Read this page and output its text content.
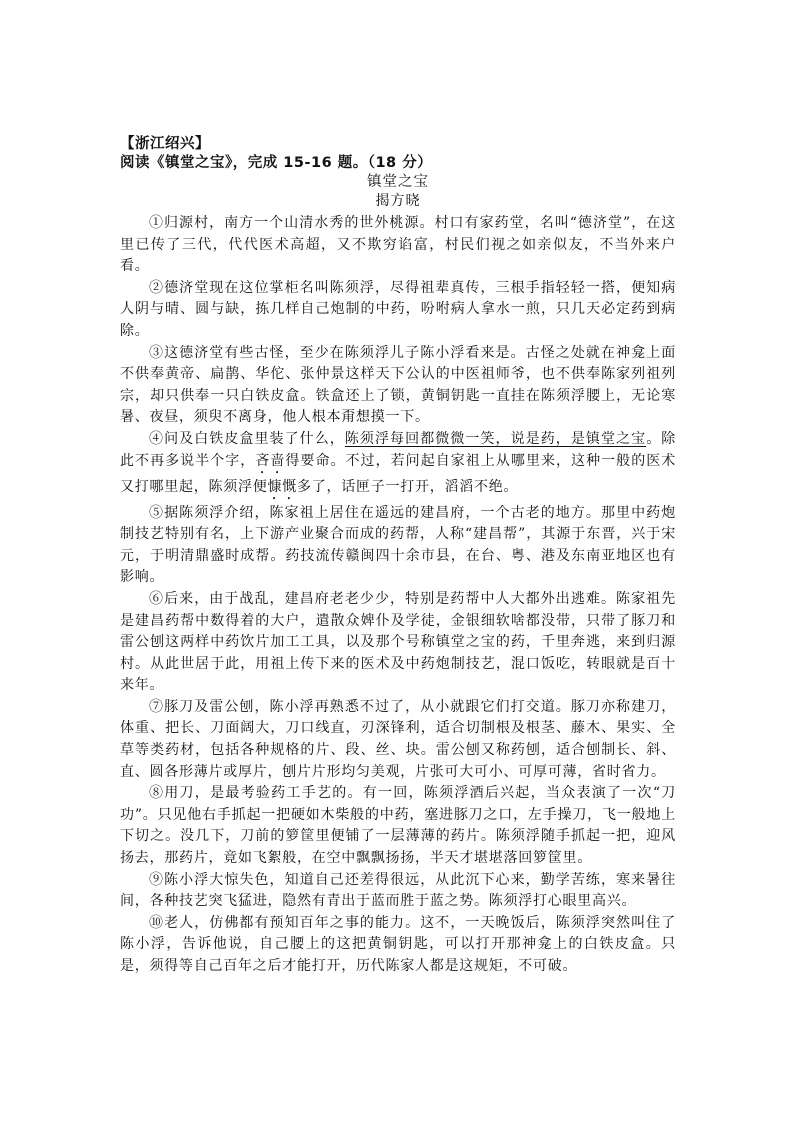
【浙江绍兴】
阅读《镇堂之宝》，完成 15-16 题。（18 分）
镇堂之宝
揭方晓

①归源村，南方一个山清水秀的世外桃源。村口有家药堂，名叫“德济堂”，在这里已传了三代，代代医术高超，又不欺穷谄富，村民们视之如亲似友，不当外来户看。

②德济堂现在这位掌柜名叫陈须浮，尽得祖辈真传，三根手指轻轻一搭，便知病人阴与晴、圆与缺，拣几样自己炮制的中药，吩咐病人拿水一煎，只几天必定药到病除。

③这德济堂有些古怪，至少在陈须浮儿子陈小浮看来是。古怪之处就在神龛上面不供奉黄帝、扁鹊、华佗、张仲景这样天下公认的中医祖师爷，也不供奉陈家列祖列宗，却只供奉一只白铁皮盒。铁盒还上了锁，黄铜钥匙一直挂在陈须浮腰上，无论寒暑、夜昼，须臾不离身，他人根本甭想摸一下。

④问及白铁皮盒里装了什么，陈须浮每回都微微一笑，说是药，是镇堂之宝。除此不再多说半个字，吝啬得要命。不过，若问起自家祖上从哪里来，这种一般的医术又打哪里起，陈须浮便慷慨多了，话匣子一打开，滔滔不绝。

⑤据陈须浮介绍，陈家祖上居住在遥远的建昌府，一个古老的地方。那里中药炮制技艺特别有名，上下游产业聚合而成的药帮，人称“建昌帮”，其源于东晋，兴于宋元，于明清鼎盛时成帮。药技流传赣闽四十余市县，在台、粤、港及东南亚地区也有影响。

⑥后来，由于战乱，建昌府老老少少，特别是药帮中人大都外出逃难。陈家祖先是建昌药帮中数得着的大户，遣散众婢仆及学徒，金银细软啥都没带，只带了豚刀和雷公刨这两样中药饮片加工工具，以及那个号称镇堂之宝的药，千里奔逃，来到归源村。从此世居于此，用祖上传下来的医术及中药炮制技艺，混口饭吃，转眼就是百十来年。

⑦豚刀及雷公刨，陈小浮再熟悉不过了，从小就跟它们打交道。豚刀亦称建刀，体重、把长、刀面阔大，刀口线直，刃深锋利，适合切制根及根茎、藤木、果实、全草等类药材，包括各种规格的片、段、丝、块。雷公刨又称药刨，适合刨制长、斜、直、圆各形薄片或厚片，刨片片形均匀美观，片张可大可小、可厚可薄，省时省力。

⑧用刀，是最考验药工手艺的。有一回，陈须浮酒后兴起，当众表演了一次“刀功”。只见他右手抓起一把硬如木柴般的中药，塞进豚刀之口，左手操刀，飞一般地上下切之。没几下，刀前的箩筐里便铺了一层薄薄的药片。陈须浮随手抓起一把，迎风扬去，那药片，竟如飞絮般，在空中飘飘扬扬，半天才堪堪落回箩筐里。

⑨陈小浮大惊失色，知道自己还差得很远，从此沉下心来，勤学苦练，寒来暑往间，各种技艺突飞猛进，隐然有青出于蓝而胜于蓝之势。陈须浮打心眼里高兴。

⑩老人，仿佛都有预知百年之事的能力。这不，一天晚饭后，陈须浮突然叫住了陈小浮，告诉他说，自己腰上的这把黄铜钥匙，可以打开那神龛上的白铁皮盒。只是，须得等自己百年之后才能打开，历代陈家人都是这规矩，不可破。
